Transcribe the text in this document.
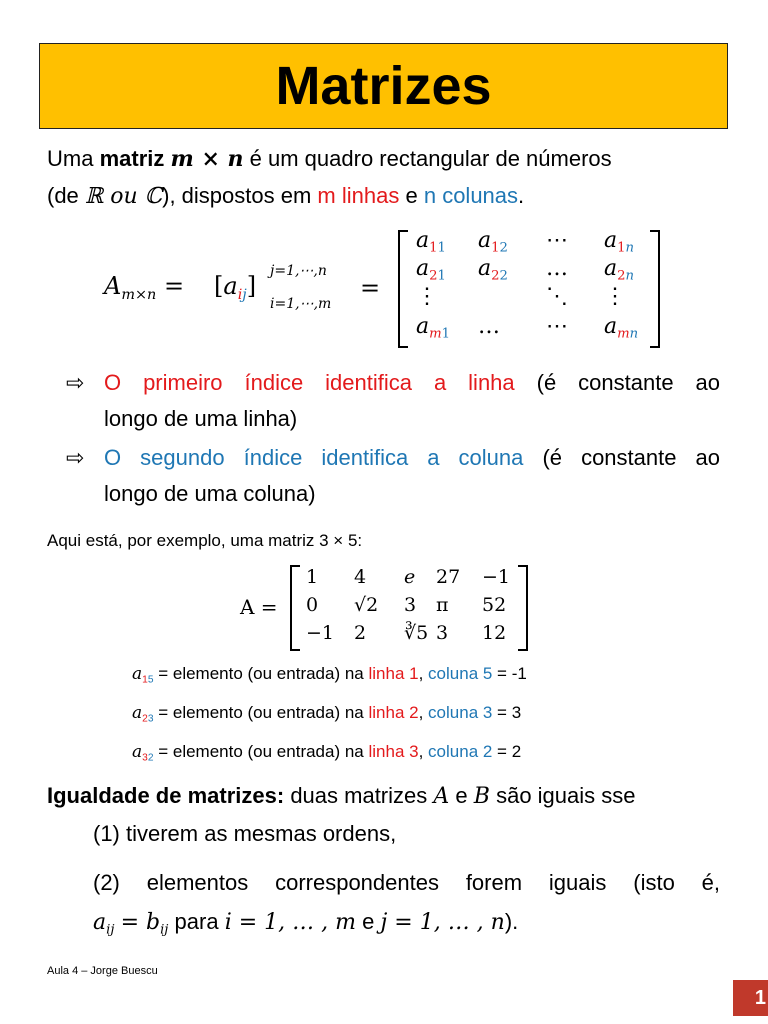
Matrizes
Uma matriz m × n é um quadro rectangular de números
(de ℝ ou ℂ), dispostos em m linhas e n colunas.
$A_{m\times n} = [a_{ij}]$
j=1,⋯,n
i=1,⋯,m
=
$a_{11}$ $a_{12}$ ⋯ $a_{1n}$
$a_{21}$ $a_{22}$ … $a_{2n}$
⋮	⋱ ⋮
$a_{m1}$ … ⋯ $a_{mn}$
⇨ O primeiro índice identifica a linha (é constante ao
longo de uma linha)
⇨ O segundo índice identifica a coluna (é constante ao
longo de uma coluna)
Aqui está, por exemplo, uma matriz 3 × 5:
A =
1 4 e 27 −1
0 √2 3 π 52
−1 2 ∛5 3 12
$a_{15}$ = elemento (ou entrada) na linha 1, coluna 5 = -1
$a_{23}$ = elemento (ou entrada) na linha 2, coluna 3 = 3
$a_{32}$ = elemento (ou entrada) na linha 3, coluna 2 = 2
Igualdade de matrizes: duas matrizes A e B são iguais sse
(1) tiverem as mesmas ordens,
(2) elementos correspondentes forem iguais (isto é,
$a_{ij} = b_{ij}$ para i = 1, … , m e j = 1, … , n).
Aula 4 – Jorge Buescu
1
